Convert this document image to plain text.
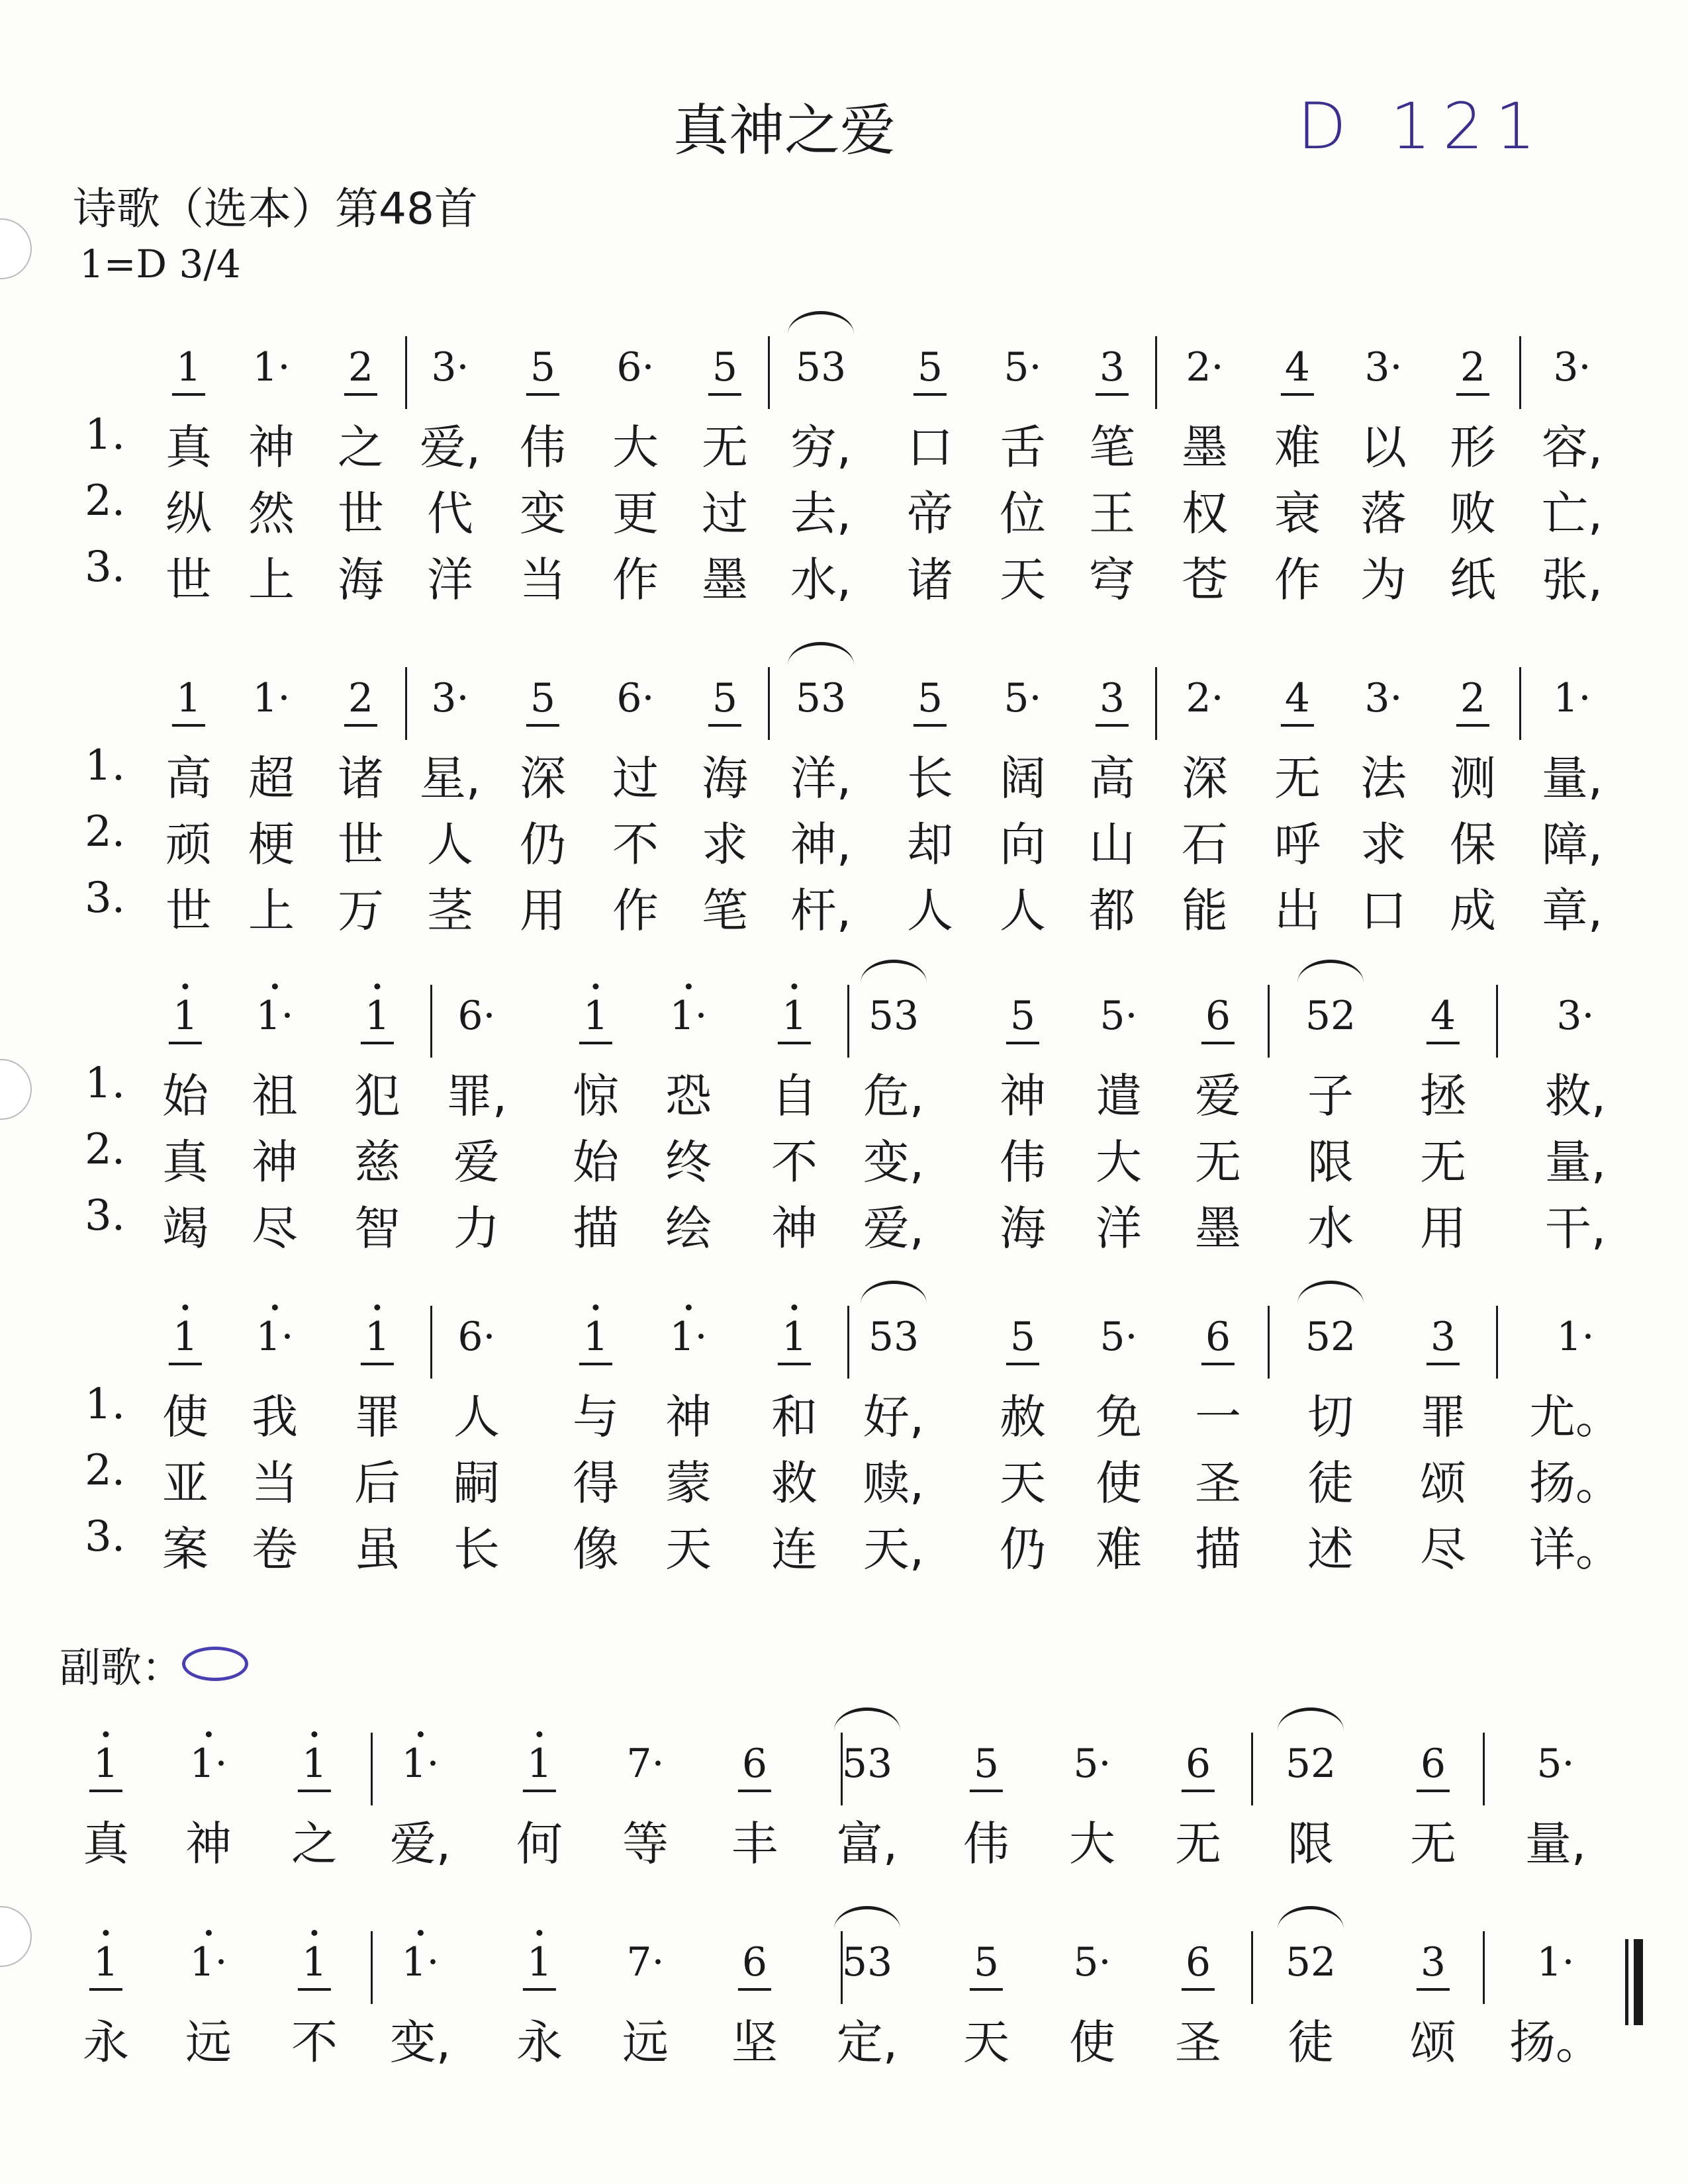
真神之爱	D 121
诗歌（选本）第48首
1=D 3/4
副歌：
1 1· 2 3· 5 6· 5 53 5 5· 3 2· 4 3· 2 3·
1. 真 神 之 爱, 伟 大 无 穷, 口 舌 笔 墨 难 以 形 容,
2. 纵 然 世 代 变 更 过 去, 帝 位 王 权 衰 落 败 亡,
3. 世 上 海 洋 当 作 墨 水, 诸 天 穹 苍 作 为 纸 张,
1 1· 2 3· 5 6· 5 53 5 5· 3 2· 4 3· 2 1·
1. 高 超 诸 星, 深 过 海 洋, 长 阔 高 深 无 法 测 量,
2. 顽 梗 世 人 仍 不 求 神, 却 向 山 石 呼 求 保 障,
3. 世 上 万 茎 用 作 笔 杆, 人 人 都 能 出 口 成 章,
1 1· 1 6· 1 1· 1 53 5 5· 6 52 4	3·
1. 始 祖 犯 罪, 惊 恐 自 危, 神 遣 爱 子 拯 救,
2. 真 神 慈 爱 始 终 不 变, 伟 大 无 限 无 量,
3. 竭 尽 智 力 描 绘 神 爱, 海 洋 墨 水 用 干,
1 1· 1 6· 1 1· 1 53 5 5· 6 52 3	1·
1. 使 我 罪 人 与 神 和 好, 赦 免 一 切 罪 尤。
2. 亚 当 后 嗣 得 蒙 救 赎, 天 使 圣 徒 颂 扬。
3. 案 卷 虽 长 像 天 连 天, 仍 难 描 述 尽 详。
1 1· 1 1· 1 7· 6 53 5 5· 6 52 6 5·
真 神 之 爱, 何 等 丰 富, 伟 大 无 限 无 量,
1 1· 1 1· 1 7· 6 53 5 5· 6 52 3 1·
永 远 不 变, 永 远 坚 定, 天 使 圣 徒 颂 扬。
